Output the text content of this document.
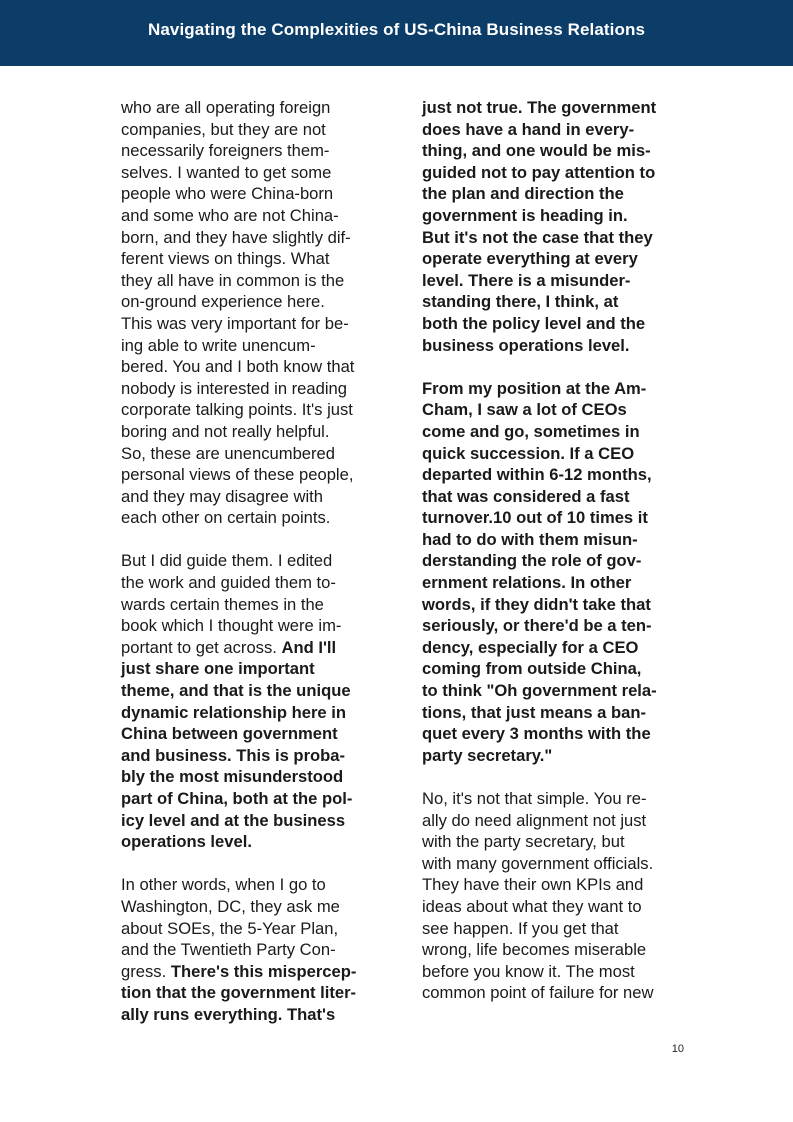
Navigating the Complexities of US-China Business Relations
who are all operating foreign
companies, but they are not
necessarily foreigners them-
selves. I wanted to get some
people who were China-born
and some who are not China-
born, and they have slightly dif-
ferent views on things. What
they all have in common is the
on-ground experience here.
This was very important for be-
ing able to write unencum-
bered. You and I both know that
nobody is interested in reading
corporate talking points. It's just
boring and not really helpful.
So, these are unencumbered
personal views of these people,
and they may disagree with
each other on certain points.
But I did guide them. I edited
the work and guided them to-
wards certain themes in the
book which I thought were im-
portant to get across. And I'll
just share one important
theme, and that is the unique
dynamic relationship here in
China between government
and business. This is proba-
bly the most misunderstood
part of China, both at the pol-
icy level and at the business
operations level.
In other words, when I go to
Washington, DC, they ask me
about SOEs, the 5-Year Plan,
and the Twentieth Party Con-
gress. There's this mispercep-
tion that the government liter-
ally runs everything. That's
just not true. The government
does have a hand in every-
thing, and one would be mis-
guided not to pay attention to
the plan and direction the
government is heading in.
But it's not the case that they
operate everything at every
level. There is a misunder-
standing there, I think, at
both the policy level and the
business operations level.
From my position at the Am-
Cham, I saw a lot of CEOs
come and go, sometimes in
quick succession. If a CEO
departed within 6-12 months,
that was considered a fast
turnover.10 out of 10 times it
had to do with them misun-
derstanding the role of gov-
ernment relations. In other
words, if they didn't take that
seriously, or there'd be a ten-
dency, especially for a CEO
coming from outside China,
to think "Oh government rela-
tions, that just means a ban-
quet every 3 months with the
party secretary."
No, it's not that simple. You re-
ally do need alignment not just
with the party secretary, but
with many government officials.
They have their own KPIs and
ideas about what they want to
see happen. If you get that
wrong, life becomes miserable
before you know it. The most
common point of failure for new
10
